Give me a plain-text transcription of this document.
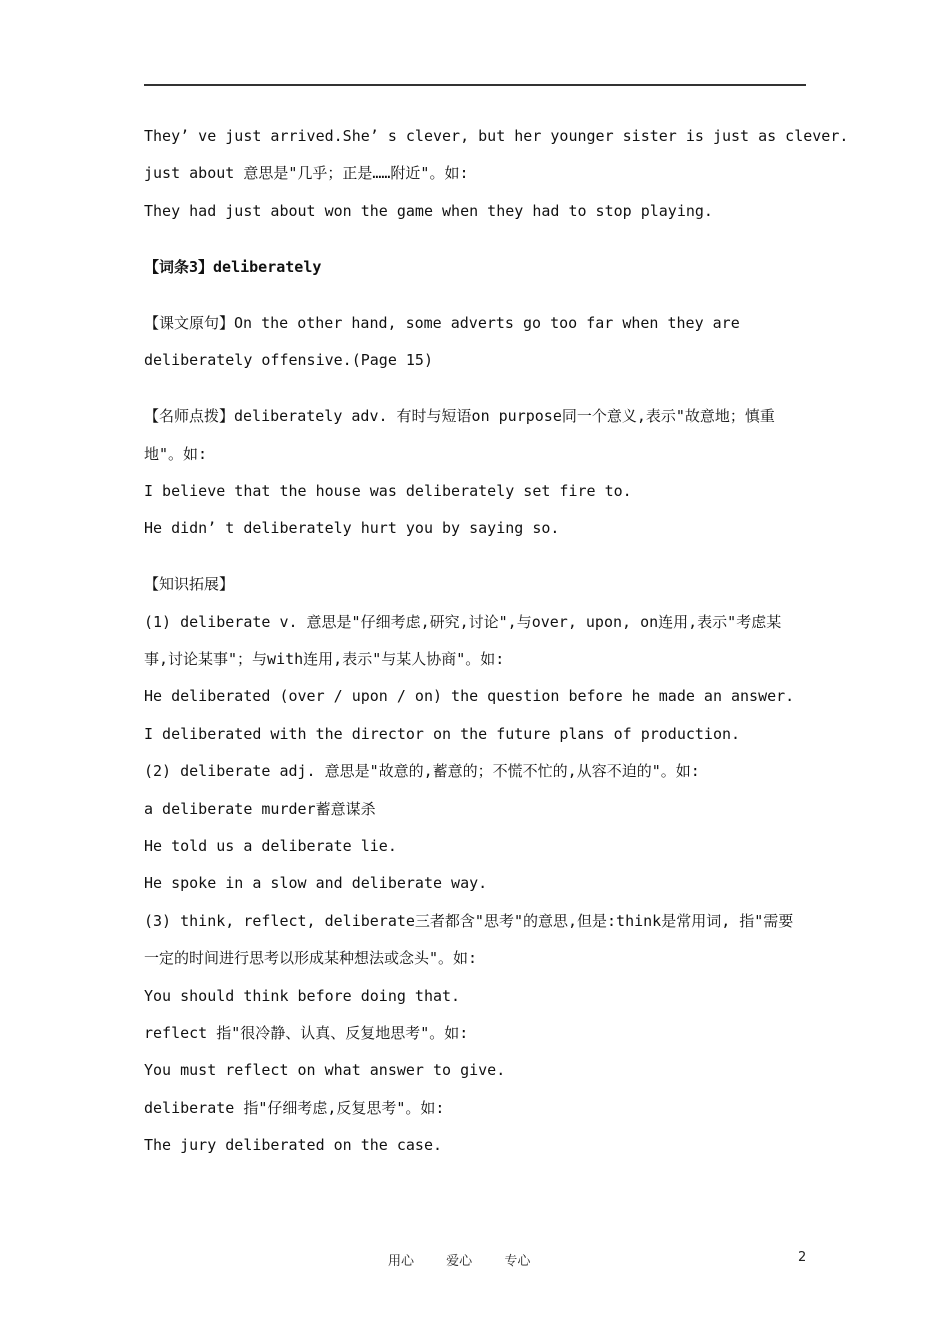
They’ ve just arrived.She’ s clever, but her younger sister is just as clever.
just about 意思是"几乎；正是……附近"。如:
They had just about won the game when they had to stop playing.
【词条3】deliberately
【课文原句】On the other hand, some adverts go too far when they are
deliberately offensive.(Page 15)
【名师点拨】deliberately adv. 有时与短语on purpose同一个意义,表示"故意地；慎重
地"。如:
I believe that the house was deliberately set fire to.
He didn’ t deliberately hurt you by saying so.
【知识拓展】
(1) deliberate v. 意思是"仔细考虑,研究,讨论",与over, upon, on连用,表示"考虑某
事,讨论某事"；与with连用,表示"与某人协商"。如:
He deliberated (over / upon / on) the question before he made an answer.
I deliberated with the director on the future plans of production.
(2) deliberate adj. 意思是"故意的,蓄意的；不慌不忙的,从容不迫的"。如:
a deliberate murder蓄意谋杀
He told us a deliberate lie.
He spoke in a slow and deliberate way.
(3) think, reflect, deliberate三者都含"思考"的意思,但是:think是常用词, 指"需要
一定的时间进行思考以形成某种想法或念头"。如:
You should think before doing that.
reflect 指"很冷静、认真、反复地思考"。如:
You must reflect on what answer to give.
deliberate 指"仔细考虑,反复思考"。如:
The jury deliberated on the case.
用心 爱心 专心	2
